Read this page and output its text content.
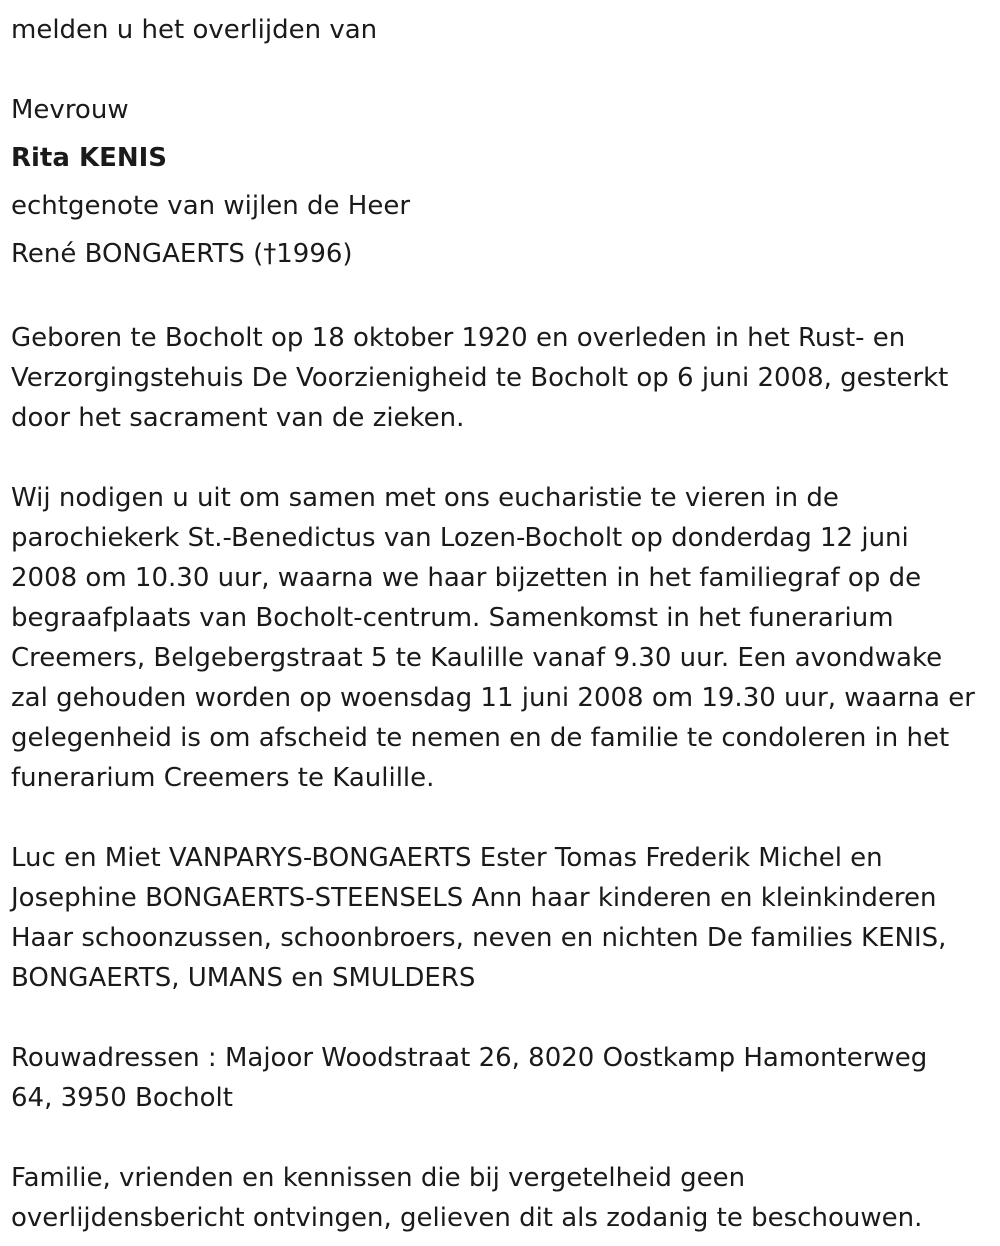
melden u het overlijden van

Mevrouw

Rita KENIS

echtgenote van wijlen de Heer

René BONGAERTS (†1996)

Geboren te Bocholt op 18 oktober 1920 en overleden in het Rust- en

Verzorgingstehuis De Voorzienigheid te Bocholt op 6 juni 2008, gesterkt

door het sacrament van de zieken.

Wij nodigen u uit om samen met ons eucharistie te vieren in de

parochiekerk St.-Benedictus van Lozen-Bocholt op donderdag 12 juni

2008 om 10.30 uur, waarna we haar bijzetten in het familiegraf op de

begraafplaats van Bocholt-centrum. Samenkomst in het funerarium

Creemers, Belgebergstraat 5 te Kaulille vanaf 9.30 uur. Een avondwake

zal gehouden worden op woensdag 11 juni 2008 om 19.30 uur, waarna er

gelegenheid is om afscheid te nemen en de familie te condoleren in het

funerarium Creemers te Kaulille.

Luc en Miet VANPARYS-BONGAERTS Ester Tomas Frederik Michel en

Josephine BONGAERTS-STEENSELS Ann haar kinderen en kleinkinderen

Haar schoonzussen, schoonbroers, neven en nichten De families KENIS,

BONGAERTS, UMANS en SMULDERS

Rouwadressen : Majoor Woodstraat 26, 8020 Oostkamp Hamonterweg

64, 3950 Bocholt

Familie, vrienden en kennissen die bij vergetelheid geen

overlijdensbericht ontvingen, gelieven dit als zodanig te beschouwen.
